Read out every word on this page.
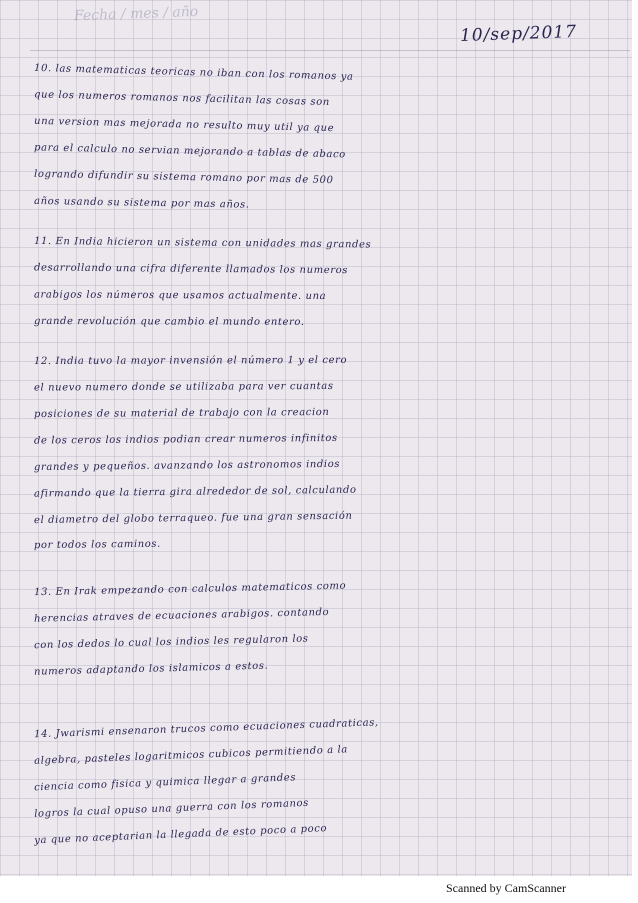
Fecha / mes / año
10/sep/2017
10. las matematicas teoricas no iban con los romanos ya
que los numeros romanos nos facilitan las cosas son
una version mas mejorada no resulto muy util ya que
para el calculo no servian mejorando a tablas de abaco
logrando difundir su sistema romano por mas de 500
años usando su sistema por mas años.
11. En India hicieron un sistema con unidades mas grandes
desarrollando una cifra diferente llamados los numeros
arabigos los números que usamos actualmente. una
grande revolución que cambio el mundo entero.
12. India tuvo la mayor invensión el número 1 y el cero
el nuevo numero donde se utilizaba para ver cuantas
posiciones de su material de trabajo con la creacion
de los ceros los indios podian crear numeros infinitos
grandes y pequeños. avanzando los astronomos indios
afirmando que la tierra gira alrededor de sol, calculando
el diametro del globo terraqueo. fue una gran sensación
por todos los caminos.
13. En Irak empezando con calculos matematicos como
herencias atraves de ecuaciones arabigos. contando
con los dedos lo cual los indios les regularon los
numeros adaptando los islamicos a estos.
14. Jwarismi ensenaron trucos como ecuaciones cuadraticas,
algebra, pasteles logaritmicos cubicos permitiendo a la
ciencia como fisica y quimica llegar a grandes
logros la cual opuso una guerra con los romanos
ya que no aceptarian la llegada de esto poco a poco
Scanned by CamScanner
